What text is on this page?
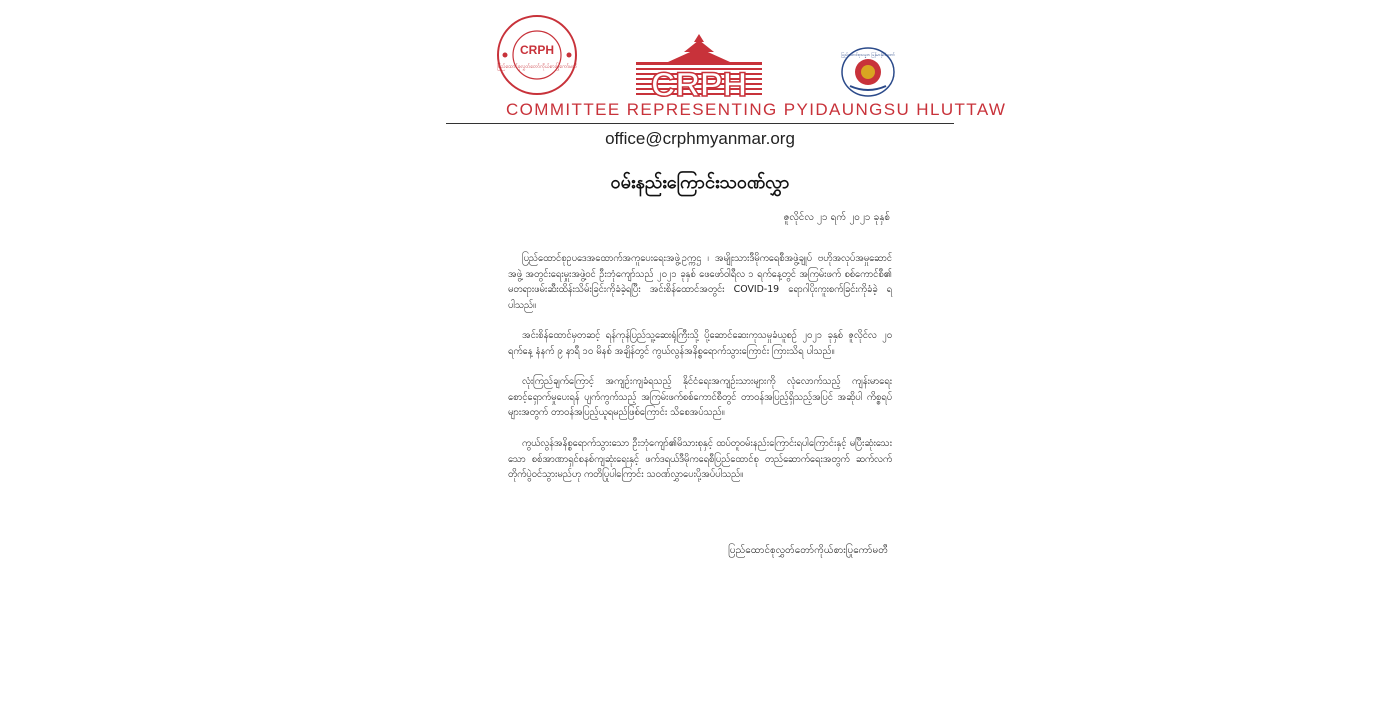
CRPH
ပြည်ထောင်စုလွှတ်တော်ကိုယ်စားပြုကော်မတီ CRPH
ပြည်ထောင်စုသမ္မတ မြန်မာနိုင်ငံတော်
COMMITTEE REPRESENTING PYIDAUNGSU HLUTTAW
office@crphmyanmar.org
ဝမ်းနည်းကြောင်းသဝဏ်လွှာ
ဇူလိုင်လ ၂၁ ရက် ၂၀၂၁ ခုနှစ်
ပြည်ထောင်စုဥပဒေအထောက်အကူပေးရေးအဖွဲ့ဥက္ကဌ ၊ အမျိုးသားဒီမိုကရေစီအဖွဲ့ချုပ် ဗဟိုအလုပ်အမှုဆောင်အဖွဲ့ အတွင်းရေးမှူးအဖွဲ့ဝင် ဦးဘုံကျော်သည် ၂၀၂၁ ခုနှစ် ဖေဖော်ဝါရီလ ၁ ရက်နေ့တွင် အကြမ်းဖက် စစ်ကောင်စီ၏ မတရားဖမ်းဆီးထိန်းသိမ်းခြင်းကိုခံခဲ့ရပြီး အင်းစိန်ထောင်အတွင်း COVID-19 ရောဂါပိုးကူးစက်ခြင်းကိုခံခဲ့ ရပါသည်။
အင်းစိန်ထောင်မှတဆင့် ရန်ကုန်ပြည်သူ့ဆေးရုံကြီးသို့ ပို့ဆောင်ဆေးကုသမှုခံယူစဉ် ၂၀၂၁ ခုနှစ် ဇူလိုင်လ ၂၀ ရက်နေ့ နံနက် ၉ နာရီ ၁၀ မိနစ် အချိန်တွင် ကွယ်လွန်အနိစ္စရောက်သွားကြောင်း ကြားသိရ ပါသည်။
လုံးကြည်ချက်ကြောင့် အကျဉ်းကျခံရသည့် နိုင်ငံရေးအကျဉ်းသားများကို လုံလောက်သည့် ကျန်းမာရေး စောင့်ရှောက်မှုပေးရန် ပျက်ကွက်သည့် အကြမ်းဖက်စစ်ကောင်စီတွင် တာဝန်အပြည့်ရှိသည့်အပြင် အဆိုပါ ကိစ္စရပ်များအတွက် တာဝန်အပြည့်ယူရမည်ဖြစ်ကြောင်း သိစေအပ်သည်။
ကွယ်လွန်အနိစ္စရောက်သွားသော ဦးဘုံကျော်၏မိသားစုနှင့် ထပ်တူဝမ်းနည်းကြောင်းရပါကြောင်းနှင့် မပြီးဆုံးသေးသော စစ်အာဏာရှင်စနစ်ကျဆုံးရေးနှင့် ဖက်ဒရယ်ဒီမိုကရေစီပြည်ထောင်စု တည်ဆောက်ရေးအတွက် ဆက်လက်တိုက်ပွဲဝင်သွားမည်ဟု ကတိပြုပါကြောင်း သဝဏ်လွှာပေးပို့အပ်ပါသည်။
ပြည်ထောင်စုလွှတ်တော်ကိုယ်စားပြုကော်မတီ
